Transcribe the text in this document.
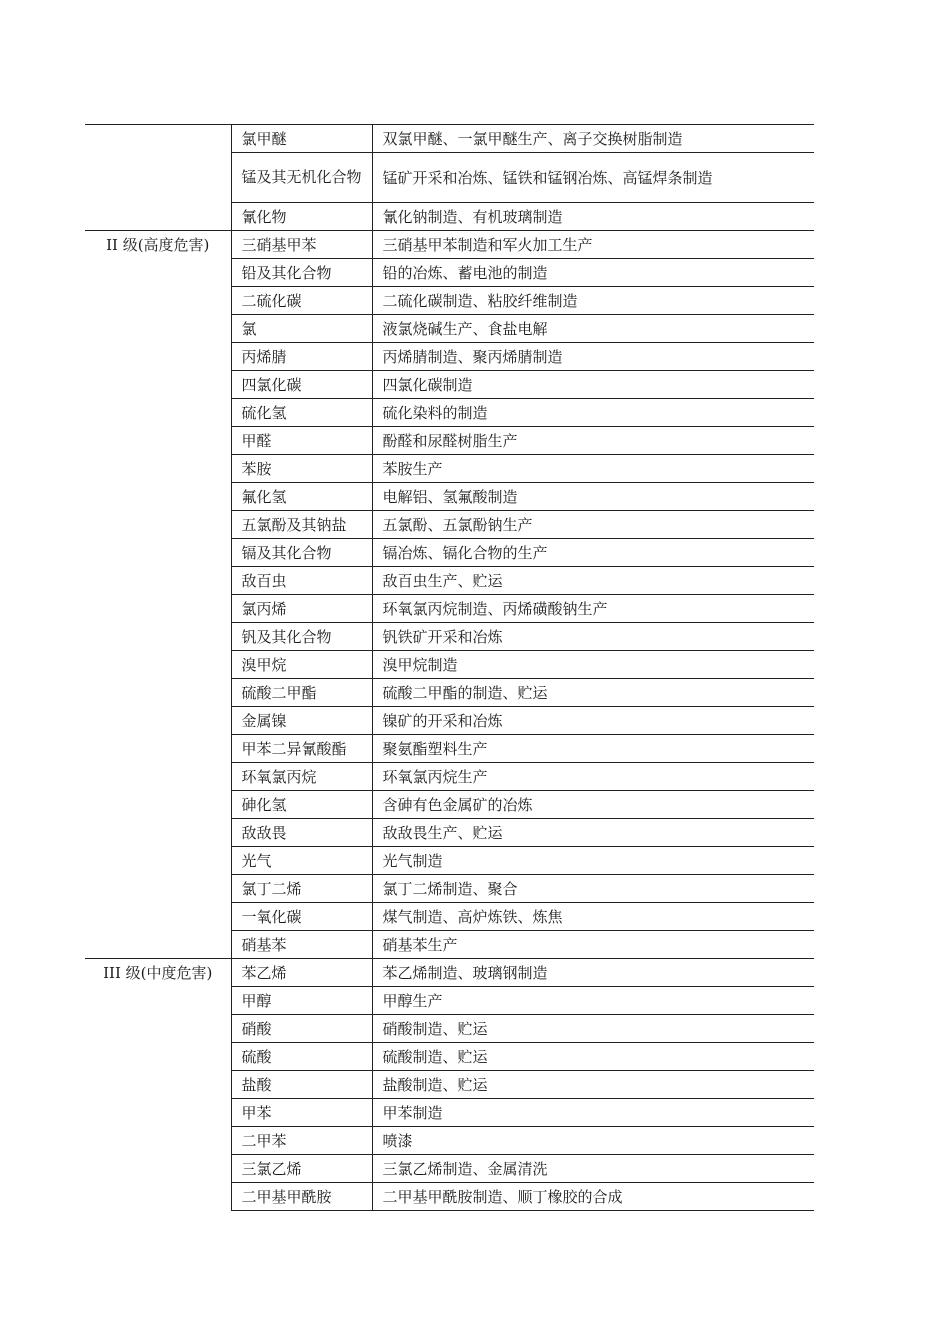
	氯甲醚	双氯甲醚、一氯甲醚生产、离子交换树脂制造
	锰及其无机化合物	锰矿开采和冶炼、锰铁和锰钢冶炼、高锰焊条制造
	氰化物	氰化钠制造、有机玻璃制造
II 级(高度危害)	三硝基甲苯	三硝基甲苯制造和军火加工生产
	铅及其化合物	铅的冶炼、蓄电池的制造
	二硫化碳	二硫化碳制造、粘胶纤维制造
	氯	液氯烧碱生产、食盐电解
	丙烯腈	丙烯腈制造、聚丙烯腈制造
	四氯化碳	四氯化碳制造
	硫化氢	硫化染料的制造
	甲醛	酚醛和尿醛树脂生产
	苯胺	苯胺生产
	氟化氢	电解铝、氢氟酸制造
	五氯酚及其钠盐	五氯酚、五氯酚钠生产
	镉及其化合物	镉冶炼、镉化合物的生产
	敌百虫	敌百虫生产、贮运
	氯丙烯	环氧氯丙烷制造、丙烯磺酸钠生产
	钒及其化合物	钒铁矿开采和冶炼
	溴甲烷	溴甲烷制造
	硫酸二甲酯	硫酸二甲酯的制造、贮运
	金属镍	镍矿的开采和冶炼
	甲苯二异氰酸酯	聚氨酯塑料生产
	环氧氯丙烷	环氧氯丙烷生产
	砷化氢	含砷有色金属矿的冶炼
	敌敌畏	敌敌畏生产、贮运
	光气	光气制造
	氯丁二烯	氯丁二烯制造、聚合
	一氧化碳	煤气制造、高炉炼铁、炼焦
	硝基苯	硝基苯生产
III 级(中度危害)	苯乙烯	苯乙烯制造、玻璃钢制造
	甲醇	甲醇生产
	硝酸	硝酸制造、贮运
	硫酸	硫酸制造、贮运
	盐酸	盐酸制造、贮运
	甲苯	甲苯制造
	二甲苯	喷漆
	三氯乙烯	三氯乙烯制造、金属清洗
	二甲基甲酰胺	二甲基甲酰胺制造、顺丁橡胶的合成
